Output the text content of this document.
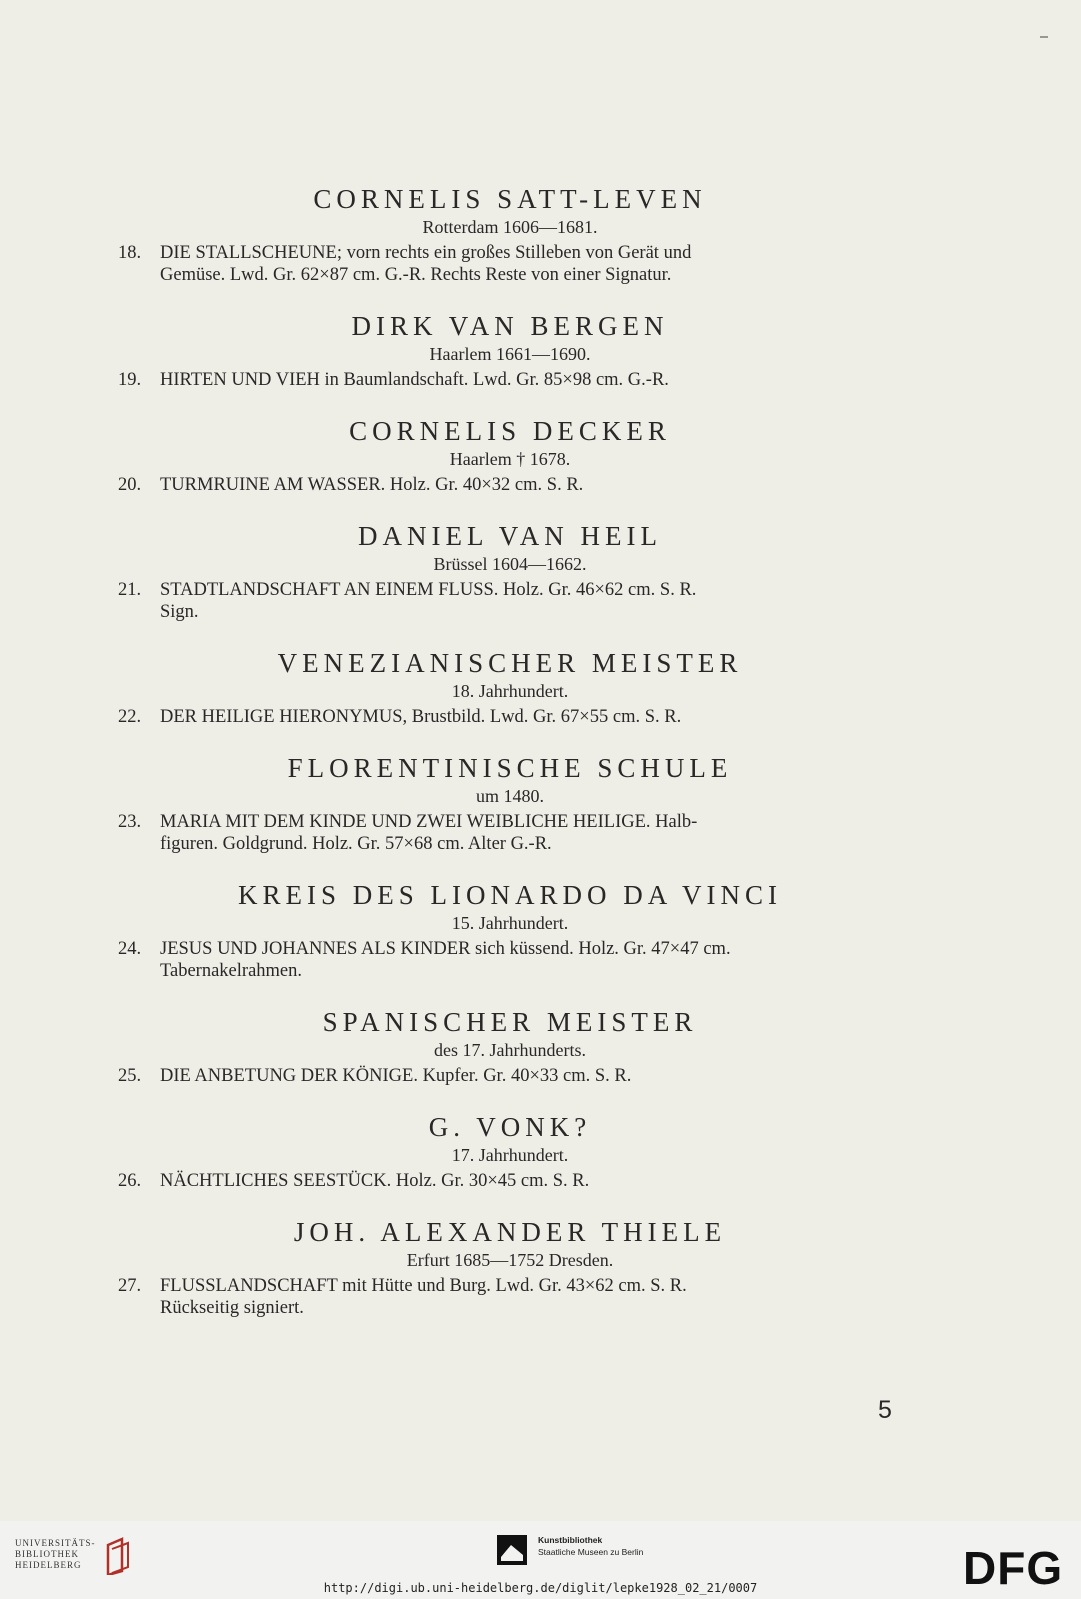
CORNELIS SATT-LEVEN

Rotterdam 1606—1681.

18.	DIE STALLSCHEUNE; vorn rechts ein großes Stilleben von Gerät und
Gemüse. Lwd. Gr. 62×87 cm. G.-R. Rechts Reste von einer Signatur.
DIRK VAN BERGEN

Haarlem 1661—1690.

19.	HIRTEN UND VIEH in Baumlandschaft. Lwd. Gr. 85×98 cm. G.-R.
CORNELIS DECKER

Haarlem † 1678.

20.	TURMRUINE AM WASSER. Holz. Gr. 40×32 cm. S. R.
DANIEL VAN HEIL

Brüssel 1604—1662.

21.	STADTLANDSCHAFT AN EINEM FLUSS. Holz. Gr. 46×62 cm. S. R.
Sign.
VENEZIANISCHER MEISTER

18. Jahrhundert.

22.	DER HEILIGE HIERONYMUS, Brustbild. Lwd. Gr. 67×55 cm. S. R.
FLORENTINISCHE SCHULE

um 1480.

23.	MARIA MIT DEM KINDE UND ZWEI WEIBLICHE HEILIGE. Halb-
figuren. Goldgrund. Holz. Gr. 57×68 cm. Alter G.-R.
KREIS DES LIONARDO DA VINCI

15. Jahrhundert.

24.	JESUS UND JOHANNES ALS KINDER sich küssend. Holz. Gr. 47×47 cm.
Tabernakelrahmen.
SPANISCHER MEISTER

des 17. Jahrhunderts.

25.	DIE ANBETUNG DER KÖNIGE. Kupfer. Gr. 40×33 cm. S. R.
G. VONK?

17. Jahrhundert.

26.	NÄCHTLICHES SEESTÜCK. Holz. Gr. 30×45 cm. S. R.
JOH. ALEXANDER THIELE

Erfurt 1685—1752 Dresden.

27.	FLUSSLANDSCHAFT mit Hütte und Burg. Lwd. Gr. 43×62 cm. S. R.
Rückseitig signiert.
5
UNIVERSITÄTS-
BIBLIOTHEK
HEIDELBERG
Kunstbibliothek
Staatliche Museen zu Berlin	DFG
http://digi.ub.uni-heidelberg.de/diglit/lepke1928_02_21/0007
